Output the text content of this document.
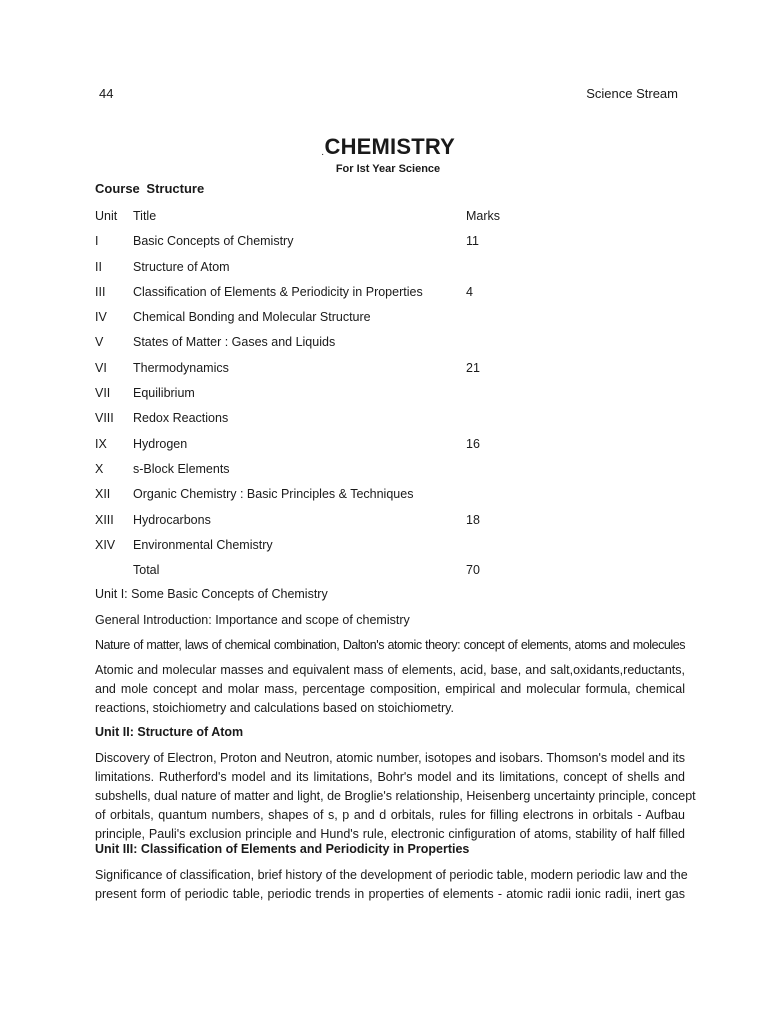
44	Science Stream
·CHEMISTRY
For Ist Year Science
Course Structure
Unit Title	Marks
I	Basic Concepts of Chemistry	11
II Structure of Atom
III Classification of Elements & Periodicity in Properties	4
IV Chemical Bonding and Molecular Structure
V States of Matter : Gases and Liquids
VI Thermodynamics	21
VII Equilibrium
VIII Redox Reactions
IX Hydrogen	16
X s-Block Elements
XII Organic Chemistry : Basic Principles & Techniques
XIII Hydrocarbons	18
XIV Environmental Chemistry
Total	70
Unit I: Some Basic Concepts of Chemistry
General Introduction: Importance and scope of chemistry
Nature of matter, laws of chemical combination, Dalton's atomic theory: concept of elements, atoms and molecules
Atomic and molecular masses and equivalent mass of elements, acid, base, and salt,oxidants,reductants,
and mole concept and molar mass, percentage composition, empirical and molecular formula, chemical
reactions, stoichiometry and calculations based on stoichiometry.
Unit II: Structure of Atom
Discovery of Electron, Proton and Neutron, atomic number, isotopes and isobars. Thomson's model and its
limitations. Rutherford's model and its limitations, Bohr's model and its limitations, concept of shells and
subshells, dual nature of matter and light, de Broglie's relationship, Heisenberg uncertainty principle, concept
of orbitals, quantum numbers, shapes of s, p and d orbitals, rules for filling electrons in orbitals - Aufbau
principle, Pauli's exclusion principle and Hund's rule, electronic cinfiguration of atoms, stability of half filled
Unit III: Classification of Elements and Periodicity in Properties
Significance of classification, brief history of the development of periodic table, modern periodic law and the
present form of periodic table, periodic trends in properties of elements - atomic radii ionic radii, inert gas
